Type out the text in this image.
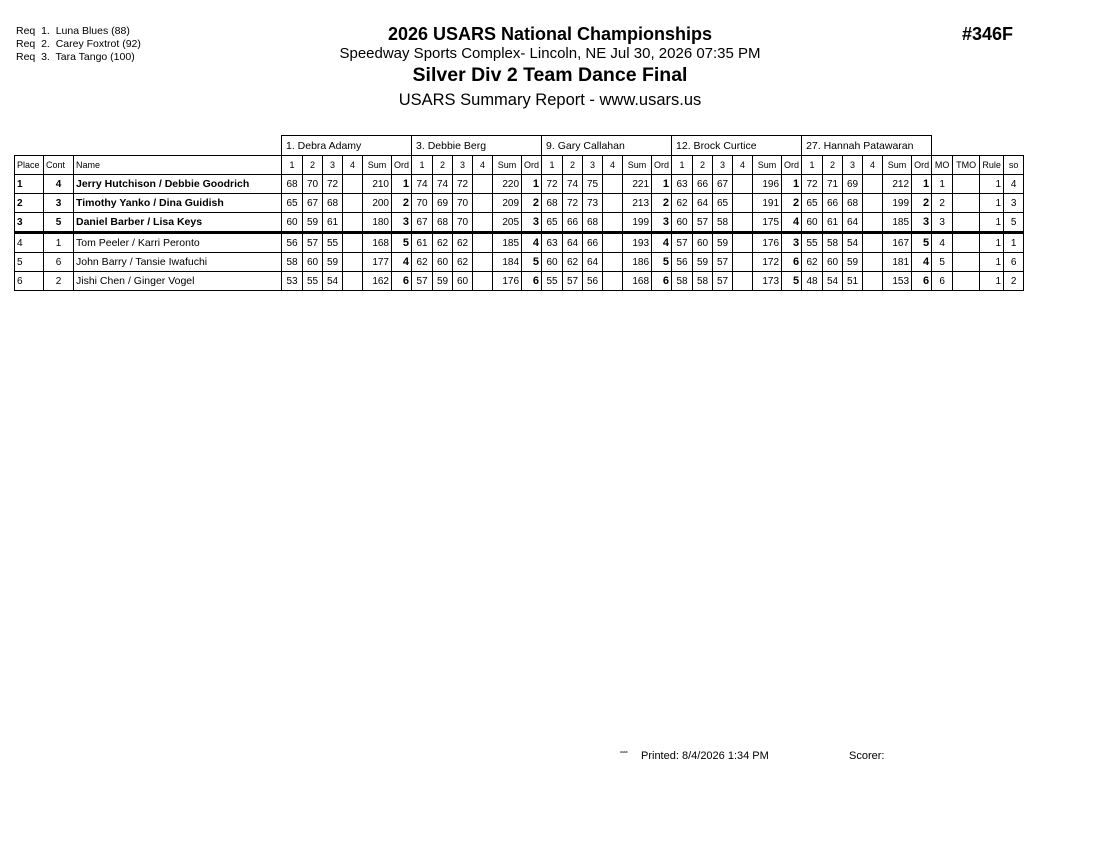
Req  1.  Luna Blues (88)
Req  2.  Carey Foxtrot (92)
Req  3.  Tara Tango (100)
2026 USARS National Championships
Speedway Sports Complex- Lincoln, NE Jul 30, 2026 07:35 PM
Silver Div 2 Team Dance Final
USARS Summary Report - www.usars.us
#346F
			1. Debra Adamy						3. Debbie Berg						9. Gary Callahan						12. Brock Curtice						27. Hannah Patawaran									
Place	Cont	Name	1	2	3	4	Sum	Ord	1	2	3	4	Sum	Ord	1	2	3	4	Sum	Ord	1	2	3	4	Sum	Ord	1	2	3	4	Sum	Ord	MO	TMO	Rule	so
1	4	Jerry Hutchison / Debbie Goodrich	68	70	72		210	1	74	74	72		220	1	72	74	75		221	1	63	66	67		196	1	72	71	69		212	1	1		1	4
2	3	Timothy Yanko / Dina Guidish	65	67	68		200	2	70	69	70		209	2	68	72	73		213	2	62	64	65		191	2	65	66	68		199	2	2		1	3
3	5	Daniel Barber / Lisa Keys	60	59	61		180	3	67	68	70		205	3	65	66	68		199	3	60	57	58		175	4	60	61	64		185	3	3		1	5
4	1	Tom Peeler / Karri Peronto	56	57	55		168	5	61	62	62		185	4	63	64	66		193	4	57	60	59		176	3	55	58	54		167	5	4		1	1
5	6	John Barry / Tansie Iwafuchi	58	60	59		177	4	62	60	62		184	5	60	62	64		186	5	56	59	57		172	6	62	60	59		181	4	5		1	6
6	2	Jishi Chen / Ginger Vogel	53	55	54		162	6	57	59	60		176	6	55	57	56		168	6	58	58	57		173	5	48	54	51		153	6	6		1	2
ᵃᵃᵃᵃ Printed: 8/4/2026 1:34 PM	Scorer:
